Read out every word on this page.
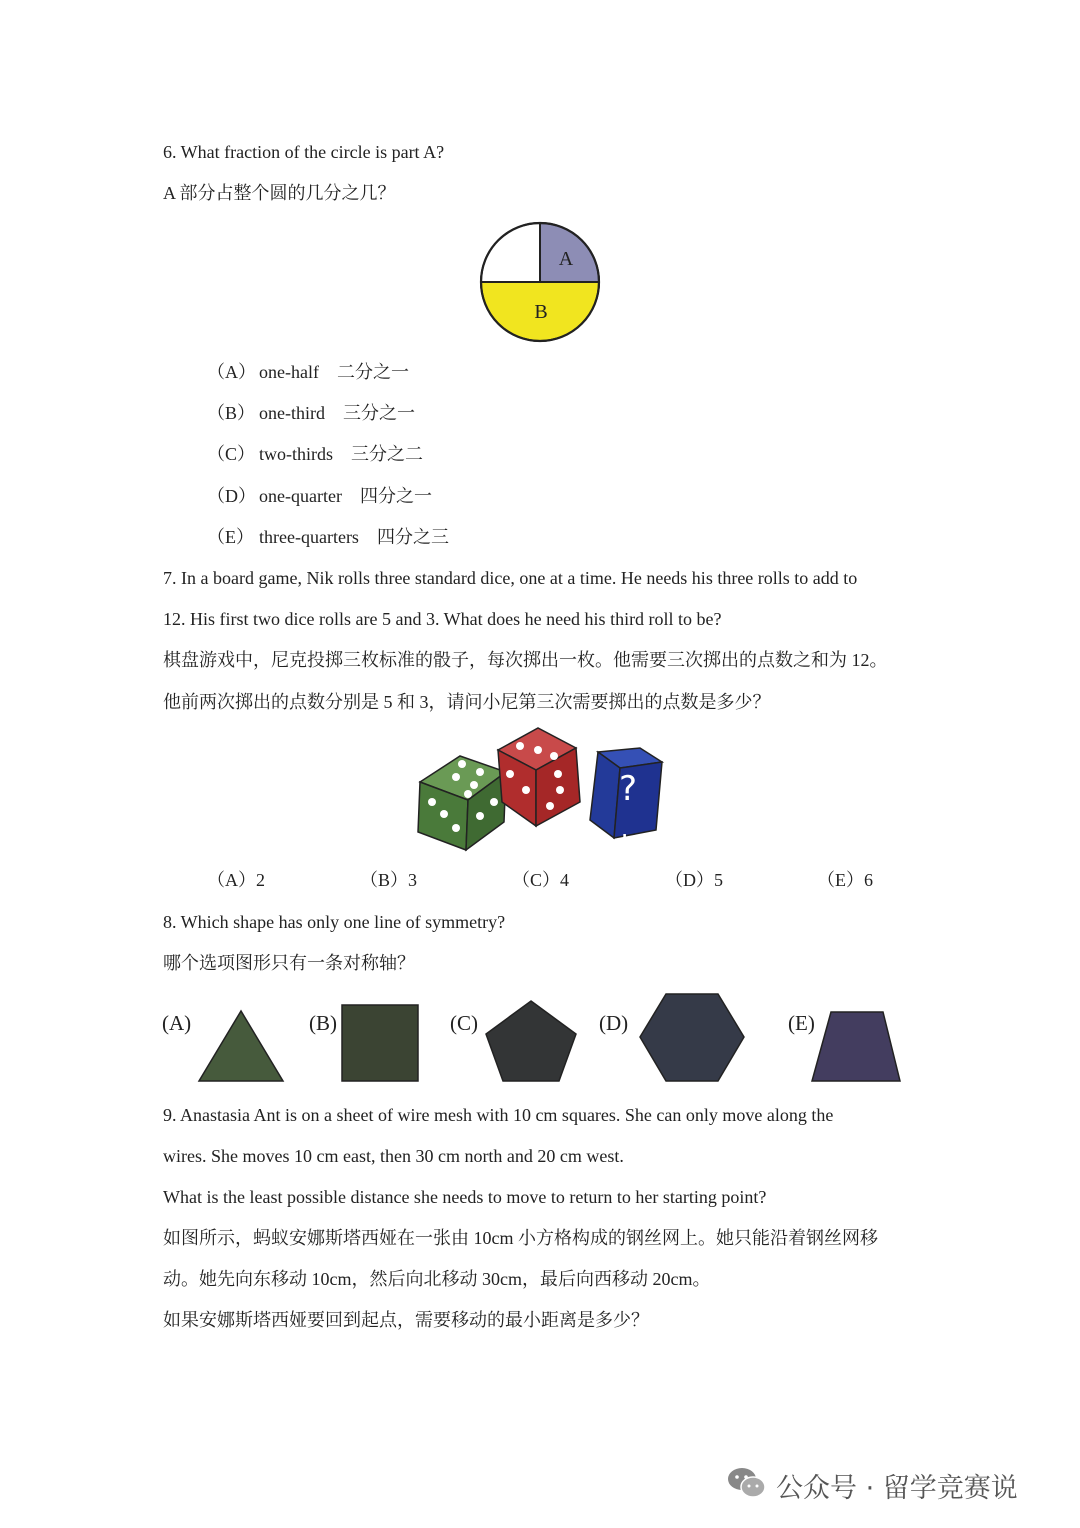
6. What fraction of the circle is part A?
A 部分占整个圆的几分之几？
A
B
（A） one-half 二分之一
（B） one-third 三分之一
（C） two-thirds 三分之二
（D） one-quarter 四分之一
（E） three-quarters 四分之三
7. In a board game, Nik rolls three standard dice, one at a time. He needs his three rolls to add to
12. His first two dice rolls are 5 and 3. What does he need his third roll to be?
棋盘游戏中，尼克投掷三枚标准的骰子，每次掷出一枚。他需要三次掷出的点数之和为 12。
他前两次掷出的点数分别是 5 和 3，请问小尼第三次需要掷出的点数是多少？
?
?
（A）2	（B）3	（C）4	（D）5	（E）6
8. Which shape has only one line of symmetry?
哪个选项图形只有一条对称轴？
(A)	(B)	(C)	(D)	(E)
9. Anastasia Ant is on a sheet of wire mesh with 10 cm squares. She can only move along the
wires. She moves 10 cm east, then 30 cm north and 20 cm west.
What is the least possible distance she needs to move to return to her starting point?
如图所示，蚂蚁安娜斯塔西娅在一张由 10cm 小方格构成的钢丝网上。她只能沿着钢丝网移
动。她先向东移动 10cm，然后向北移动 30cm，最后向西移动 20cm。
如果安娜斯塔西娅要回到起点，需要移动的最小距离是多少？
公众号 · 留学竞赛说
